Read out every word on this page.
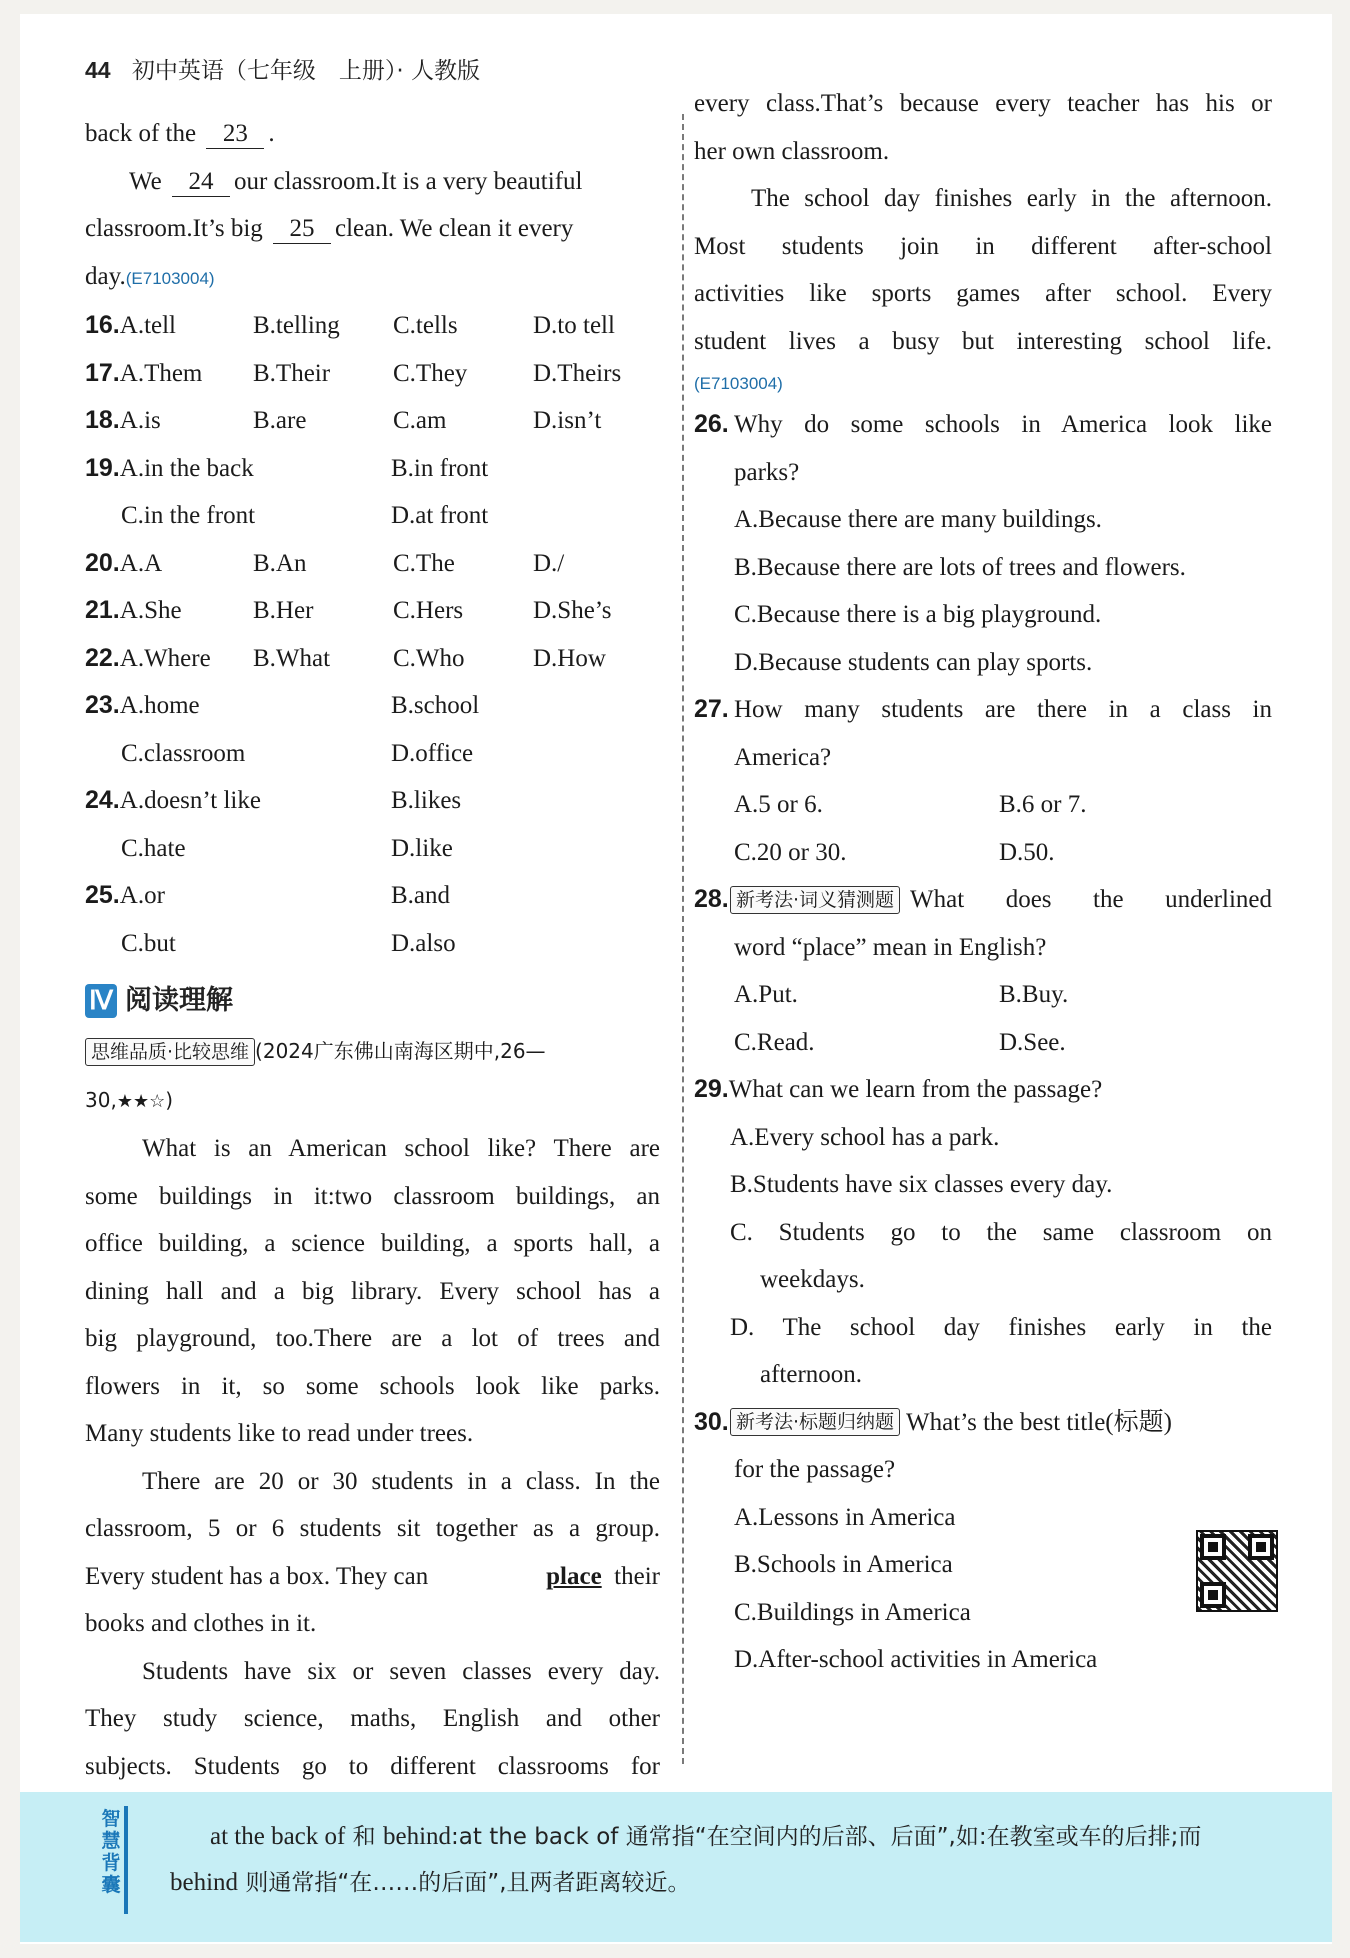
44 初中英语（七年级　上册）· 人教版
back of the 23 .
We 24 our classroom.It is a very beautiful
classroom.It’s big 25 clean. We clean it every
day.(E7103004)
16.A.tell	B.telling	C.tells	D.to tell
17.A.Them	B.Their	C.They	D.Theirs
18.A.is	B.are	C.am	D.isn’t
19.A.in the back	B.in front
C.in the front	D.at front
20.A.A	B.An	C.The	D./
21.A.She	B.Her	C.Hers	D.She’s
22.A.Where	B.What	C.Who	D.How
23.A.home	B.school
C.classroom	D.office
24.A.doesn’t like	B.likes
C.hate	D.like
25.A.or	B.and
C.but	D.also
Ⅳ 阅读理解
思维品质·比较思维 (2024广东佛山南海区期中,26—
30,★★☆)
What is an American school like? There are
some buildings in it:two classroom buildings, an
office building, a science building, a sports hall, a
dining hall and a big library. Every school has a
big playground, too.There are a lot of trees and
flowers in it, so some schools look like parks.
Many students like to read under trees.
There are 20 or 30 students in a class. In the
classroom, 5 or 6 students sit together as a group.
Every student has a box. They can	place their
books and clothes in it.
Students have six or seven classes every day.
They study science, maths, English and other
subjects. Students go to different classrooms for
every class.That’s because every teacher has his or
her own classroom.
The school day finishes early in the afternoon.
Most students join in different after-school
activities like sports games after school. Every
student lives a busy but interesting school life.
(E7103004)
26. Why do some schools in America look like
parks?
A.Because there are many buildings.
B.Because there are lots of trees and flowers.
C.Because there is a big playground.
D.Because students can play sports.
27. How many students are there in a class in
America?
A.5 or 6.	B.6 or 7.
C.20 or 30.	D.50.
28. 新考法·词义猜测题 What does the underlined
word “place” mean in English?
A.Put.	B.Buy.
C.Read.	D.See.
29.What can we learn from the passage?
A.Every school has a park.
B.Students have six classes every day.
C. Students go to the same classroom on
weekdays.
D. The school day finishes early in the
afternoon.
30. 新考法·标题归纳题 What’s the best title(标题)
for the passage?
A.Lessons in America
B.Schools in America
C.Buildings in America
D.After-school activities in America
智慧背囊
at the back of 和 behind:at the back of 通常指“在空间内的后部、后面”,如:在教室或车的后排;而
behind 则通常指“在……的后面”,且两者距离较近。
